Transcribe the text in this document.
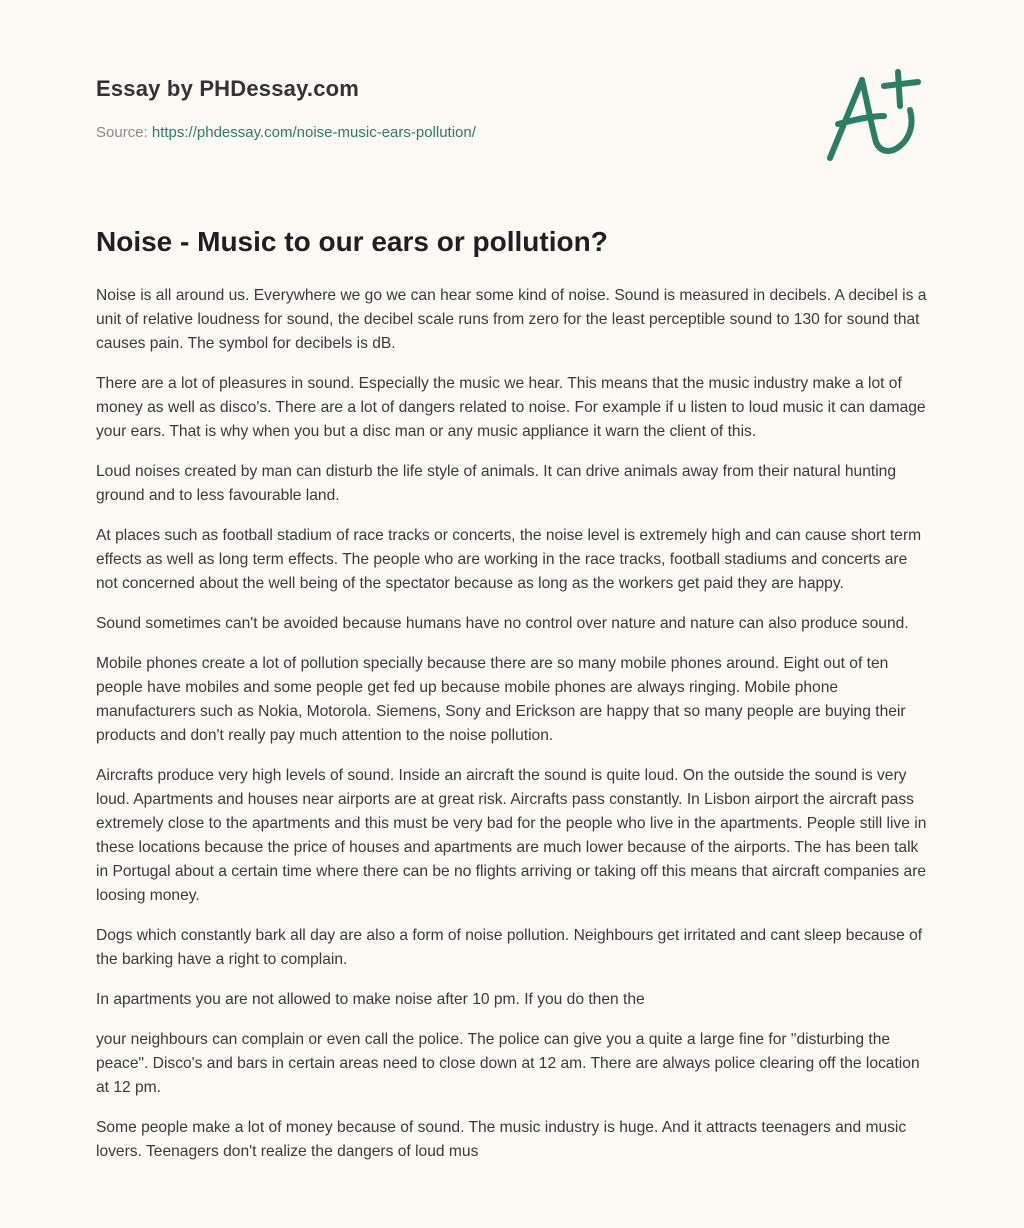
Essay by PHDessay.com
Source: https://phdessay.com/noise-music-ears-pollution/
Noise - Music to our ears or pollution?

Noise is all around us. Everywhere we go we can hear some kind of noise. Sound is measured in decibels. A decibel is a unit of relative loudness for sound, the decibel scale runs from zero for the least perceptible sound to 130 for sound that causes pain. The symbol for decibels is dB.

There are a lot of pleasures in sound. Especially the music we hear. This means that the music industry make a lot of money as well as disco's. There are a lot of dangers related to noise. For example if u listen to loud music it can damage your ears. That is why when you but a disc man or any music appliance it warn the client of this.

Loud noises created by man can disturb the life style of animals. It can drive animals away from their natural hunting ground and to less favourable land.

At places such as football stadium of race tracks or concerts, the noise level is extremely high and can cause short term effects as well as long term effects. The people who are working in the race tracks, football stadiums and concerts are not concerned about the well being of the spectator because as long as the workers get paid they are happy.

Sound sometimes can't be avoided because humans have no control over nature and nature can also produce sound.

Mobile phones create a lot of pollution specially because there are so many mobile phones around. Eight out of ten people have mobiles and some people get fed up because mobile phones are always ringing. Mobile phone manufacturers such as Nokia, Motorola. Siemens, Sony and Erickson are happy that so many people are buying their products and don't really pay much attention to the noise pollution.

Aircrafts produce very high levels of sound. Inside an aircraft the sound is quite loud. On the outside the sound is very loud. Apartments and houses near airports are at great risk. Aircrafts pass constantly. In Lisbon airport the aircraft pass extremely close to the apartments and this must be very bad for the people who live in the apartments. People still live in these locations because the price of houses and apartments are much lower because of the airports. The has been talk in Portugal about a certain time where there can be no flights arriving or taking off this means that aircraft companies are loosing money.

Dogs which constantly bark all day are also a form of noise pollution. Neighbours get irritated and cant sleep because of the barking have a right to complain.

In apartments you are not allowed to make noise after 10 pm. If you do then the

your neighbours can complain or even call the police. The police can give you a quite a large fine for "disturbing the peace". Disco's and bars in certain areas need to close down at 12 am. There are always police clearing off the location at 12 pm.

Some people make a lot of money because of sound. The music industry is huge. And it attracts teenagers and music lovers. Teenagers don't realize the dangers of loud mus
